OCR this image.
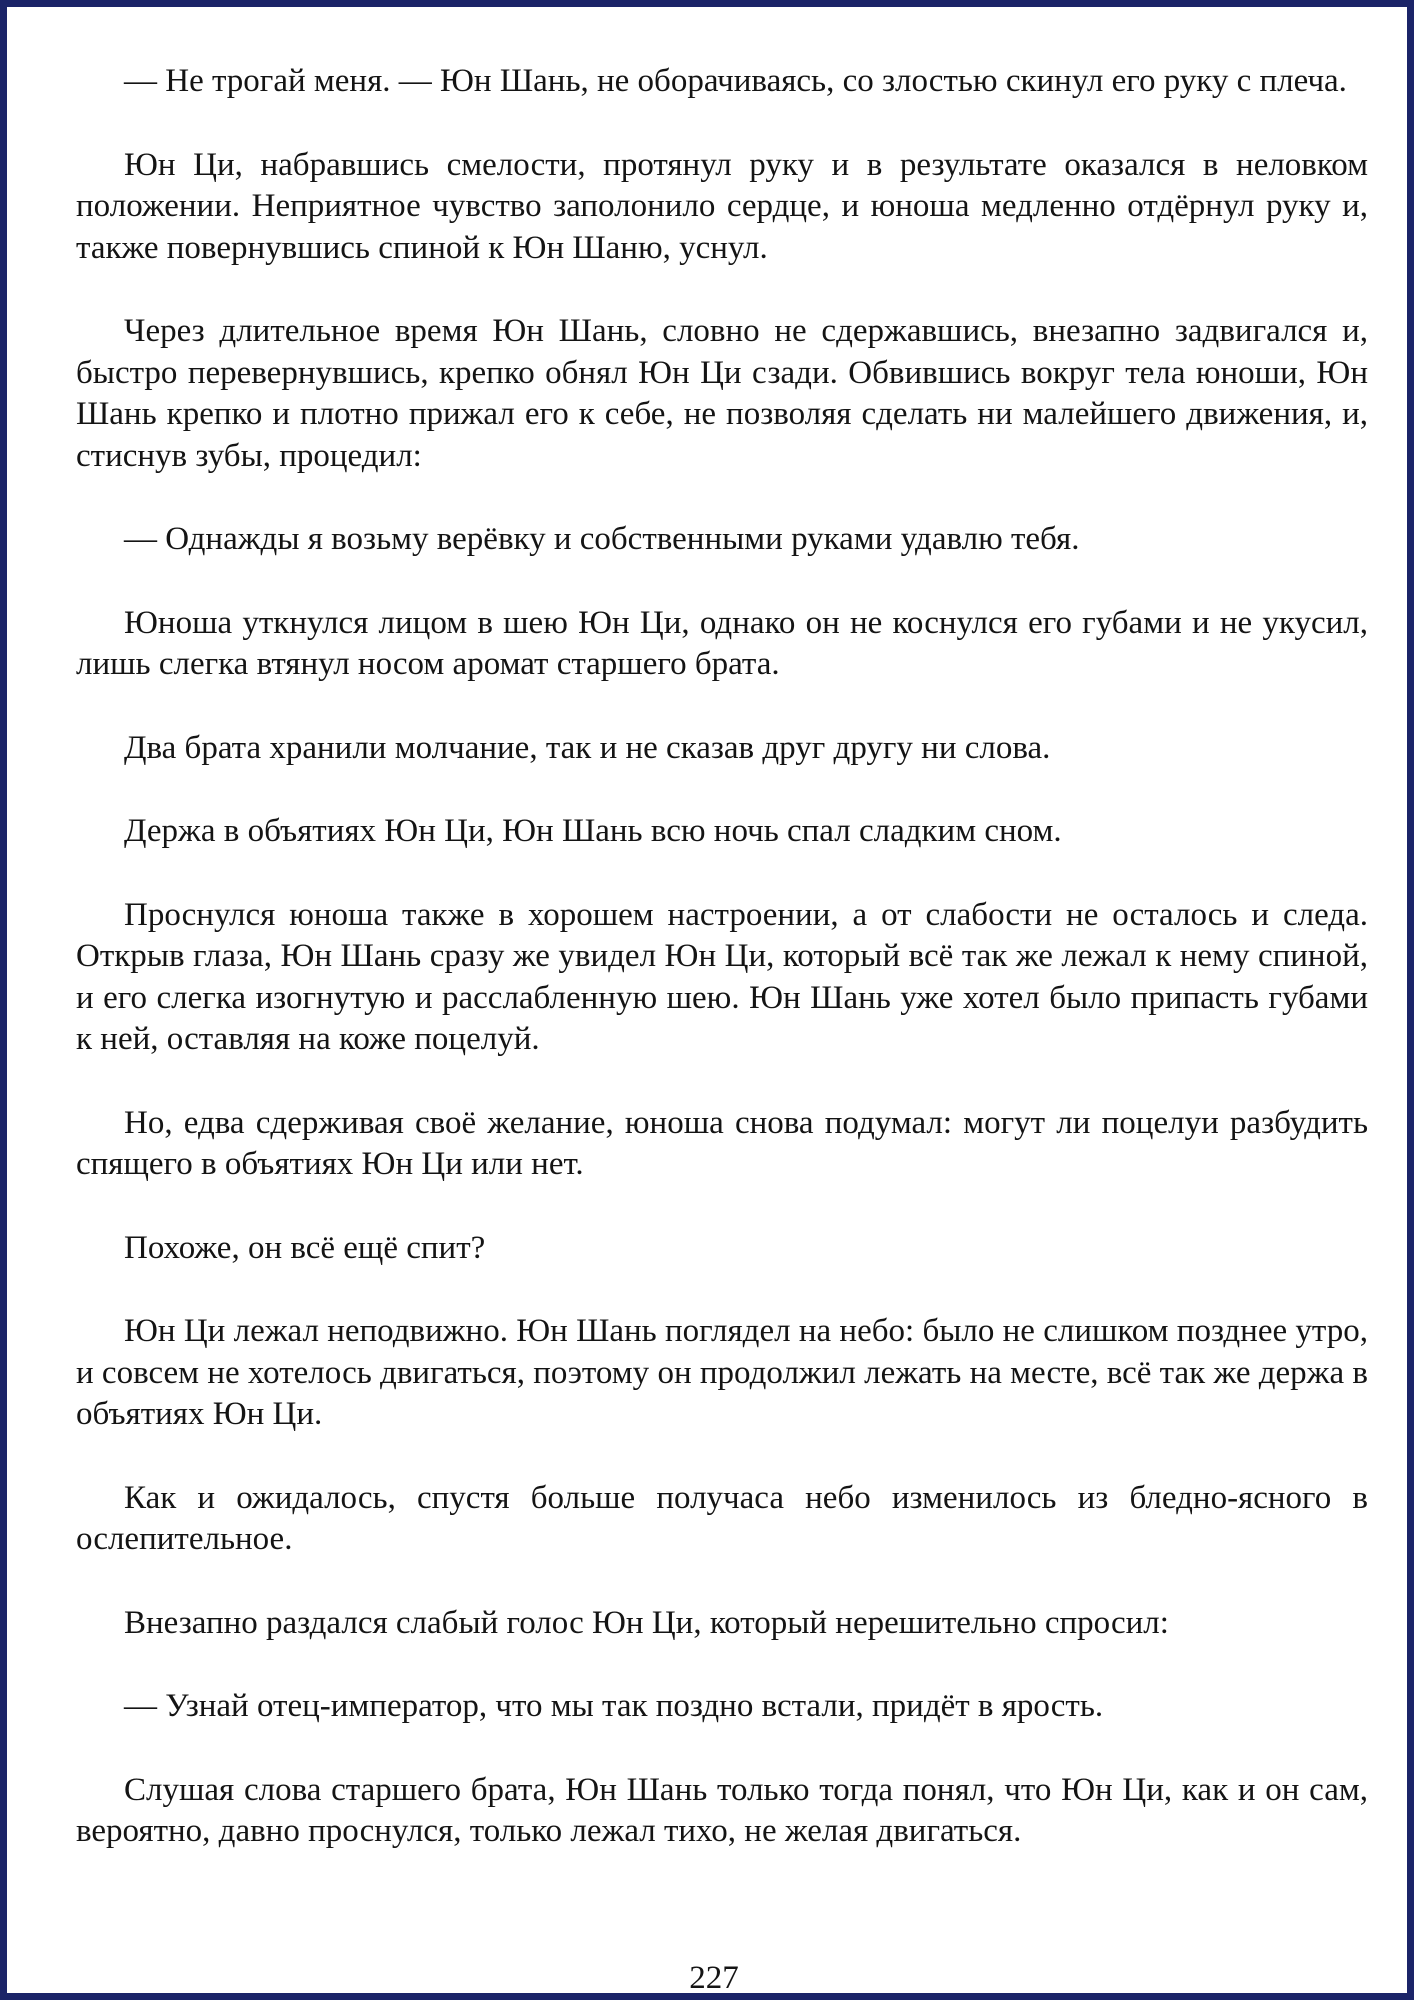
— Не трогай меня. — Юн Шань, не оборачиваясь, со злостью скинул его руку с плеча.

Юн Ци, набравшись смелости, протянул руку и в результате оказался в неловком положении. Неприятное чувство заполонило сердце, и юноша медленно отдёрнул руку и, также повернувшись спиной к Юн Шаню, уснул.

Через длительное время Юн Шань, словно не сдержавшись, внезапно задвигался и, быстро перевернувшись, крепко обнял Юн Ци сзади. Обвившись вокруг тела юноши, Юн Шань крепко и плотно прижал его к себе, не позволяя сделать ни малейшего движения, и, стиснув зубы, процедил:

— Однажды я возьму верёвку и собственными руками удавлю тебя.

Юноша уткнулся лицом в шею Юн Ци, однако он не коснулся его губами и не укусил, лишь слегка втянул носом аромат старшего брата.

Два брата хранили молчание, так и не сказав друг другу ни слова.

Держа в объятиях Юн Ци, Юн Шань всю ночь спал сладким сном.

Проснулся юноша также в хорошем настроении, а от слабости не осталось и следа. Открыв глаза, Юн Шань сразу же увидел Юн Ци, который всё так же лежал к нему спиной, и его слегка изогнутую и расслабленную шею. Юн Шань уже хотел было припасть губами к ней, оставляя на коже поцелуй.

Но, едва сдерживая своё желание, юноша снова подумал: могут ли поцелуи разбудить спящего в объятиях Юн Ци или нет.

Похоже, он всё ещё спит?

Юн Ци лежал неподвижно. Юн Шань поглядел на небо: было не слишком позднее утро, и совсем не хотелось двигаться, поэтому он продолжил лежать на месте, всё так же держа в объятиях Юн Ци.

Как и ожидалось, спустя больше получаса небо изменилось из бледно-ясного в ослепительное.

Внезапно раздался слабый голос Юн Ци, который нерешительно спросил:

— Узнай отец-император, что мы так поздно встали, придёт в ярость.

Слушая слова старшего брата, Юн Шань только тогда понял, что Юн Ци, как и он сам, вероятно, давно проснулся, только лежал тихо, не желая двигаться.

227
